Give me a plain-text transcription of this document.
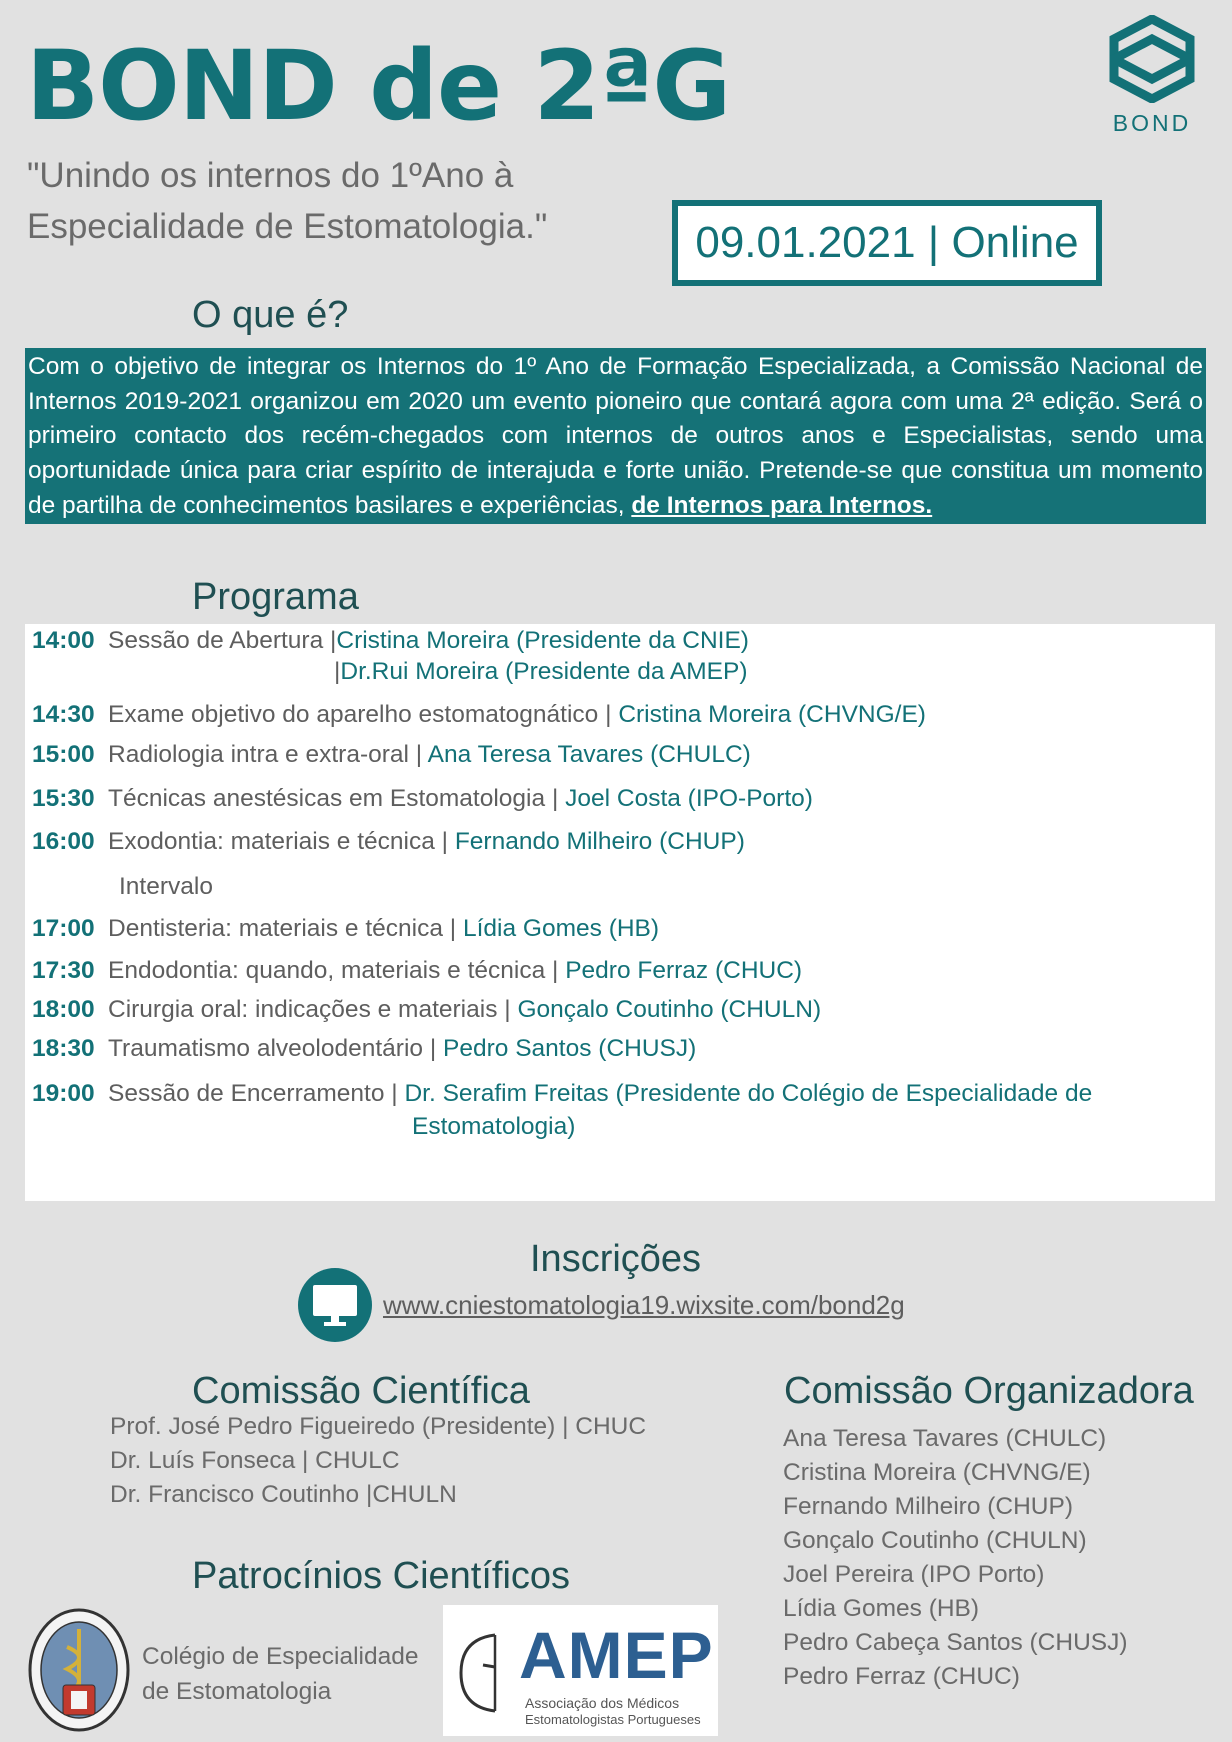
BOND de 2ªG
"Unindo os internos do 1ºAno à
Especialidade de Estomatologia."
BOND
09.01.2021 | Online
O que é?
Com o objetivo de integrar os Internos do 1º Ano de Formação Especializada, a Comissão Nacional de Internos 2019-2021 organizou em 2020 um evento pioneiro que contará agora com uma 2ª edição. Será o primeiro contacto dos recém-chegados com internos de outros anos e Especialistas, sendo uma oportunidade única para criar espírito de interajuda e forte união. Pretende-se que constitua um momento de partilha de conhecimentos basilares e experiências, de Internos para Internos.
Programa
14:00 Sessão de Abertura |Cristina Moreira (Presidente da CNIE)
|Dr.Rui Moreira (Presidente da AMEP)
14:30 Exame objetivo do aparelho estomatognático | Cristina Moreira (CHVNG/E)
15:00 Radiologia intra e extra-oral | Ana Teresa Tavares (CHULC)
15:30 Técnicas anestésicas em Estomatologia | Joel Costa (IPO-Porto)
16:00 Exodontia: materiais e técnica | Fernando Milheiro (CHUP)
Intervalo
17:00 Dentisteria: materiais e técnica | Lídia Gomes (HB)
17:30 Endodontia: quando, materiais e técnica | Pedro Ferraz (CHUC)
18:00 Cirurgia oral: indicações e materiais | Gonçalo Coutinho (CHULN)
18:30 Traumatismo alveolodentário | Pedro Santos (CHUSJ)
19:00 Sessão de Encerramento | Dr. Serafim Freitas (Presidente do Colégio de Especialidade de
Estomatologia)
Inscrições
www.cniestomatologia19.wixsite.com/bond2g
Comissão Científica
Prof. José Pedro Figueiredo (Presidente) | CHUC
Dr. Luís Fonseca | CHULC
Dr. Francisco Coutinho |CHULN
Comissão Organizadora
Ana Teresa Tavares (CHULC)
Cristina Moreira (CHVNG/E)
Fernando Milheiro (CHUP)
Gonçalo Coutinho (CHULN)
Joel Pereira (IPO Porto)
Lídia Gomes (HB)
Pedro Cabeça Santos (CHUSJ)
Pedro Ferraz (CHUC)
Patrocínios Científicos
Colégio de Especialidade
de Estomatologia	AMEP
Associação dos Médicos
Estomatologistas Portugueses
